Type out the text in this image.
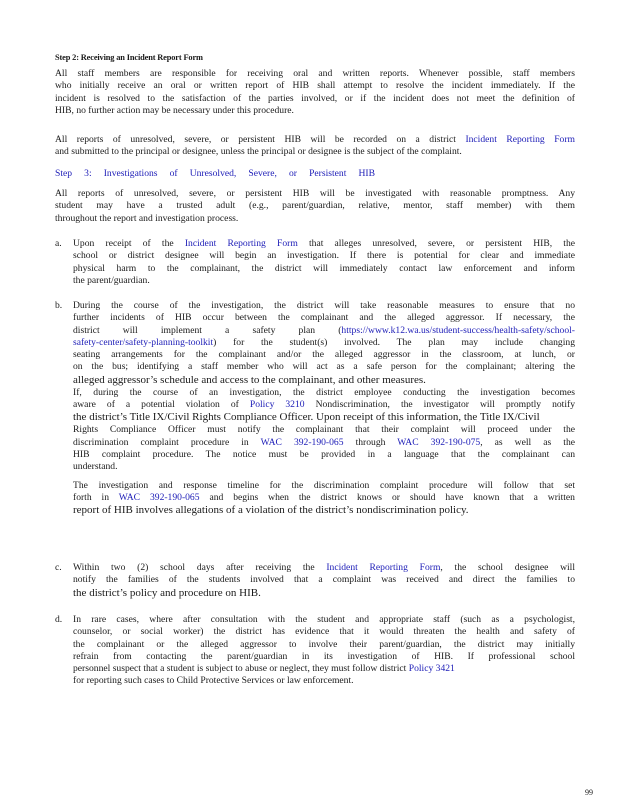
Step 2: Receiving an Incident Report Form
All staff members are responsible for receiving oral and written reports. Whenever possible, staff members
who initially receive an oral or written report of HIB shall attempt to resolve the incident immediately. If the
incident is resolved to the satisfaction of the parties involved, or if the incident does not meet the definition of
HIB, no further action may be necessary under this procedure.
All reports of unresolved, severe, or persistent HIB will be recorded on a district Incident Reporting Form
and submitted to the principal or designee, unless the principal or designee is the subject of the complaint.
Step 3: Investigations of Unresolved, Severe, or Persistent HIB
All reports of unresolved, severe, or persistent HIB will be investigated with reasonable promptness. Any
student may have a trusted adult (e.g., parent/guardian, relative, mentor, staff member) with them
throughout the report and investigation process.
a.	Upon receipt of the Incident Reporting Form that alleges unresolved, severe, or persistent HIB, the
school or district designee will begin an investigation. If there is potential for clear and immediate
physical harm to the complainant, the district will immediately contact law enforcement and inform
the parent/guardian.
b.	During the course of the investigation, the district will take reasonable measures to ensure that no
further incidents of HIB occur between the complainant and the alleged aggressor. If necessary, the
district will implement a safety plan (https://www.k12.wa.us/student-success/health-safety/school-
safety-center/safety-planning-toolkit) for the student(s) involved. The plan may include changing
seating arrangements for the complainant and/or the alleged aggressor in the classroom, at lunch, or
on the bus; identifying a staff member who will act as a safe person for the complainant; altering the
alleged aggressor’s schedule and access to the complainant, and other measures.
If, during the course of an investigation, the district employee conducting the investigation becomes
aware of a potential violation of Policy 3210 Nondiscrimination, the investigator will promptly notify
the district’s Title IX/Civil Rights Compliance Officer. Upon receipt of this information, the Title IX/Civil
Rights Compliance Officer must notify the complainant that their complaint will proceed under the
discrimination complaint procedure in WAC 392-190-065 through WAC 392-190-075, as well as the
HIB complaint procedure. The notice must be provided in a language that the complainant can
understand.
The investigation and response timeline for the discrimination complaint procedure will follow that set
forth in WAC 392-190-065 and begins when the district knows or should have known that a written
report of HIB involves allegations of a violation of the district’s nondiscrimination policy.
c.	Within two (2) school days after receiving the Incident Reporting Form, the school designee will
notify the families of the students involved that a complaint was received and direct the families to
the district’s policy and procedure on HIB.
d.	In rare cases, where after consultation with the student and appropriate staff (such as a psychologist,
counselor, or social worker) the district has evidence that it would threaten the health and safety of
the complainant or the alleged aggressor to involve their parent/guardian, the district may initially
refrain from contacting the parent/guardian in its investigation of HIB. If professional school
personnel suspect that a student is subject to abuse or neglect, they must follow district Policy 3421
for reporting such cases to Child Protective Services or law enforcement.
99
